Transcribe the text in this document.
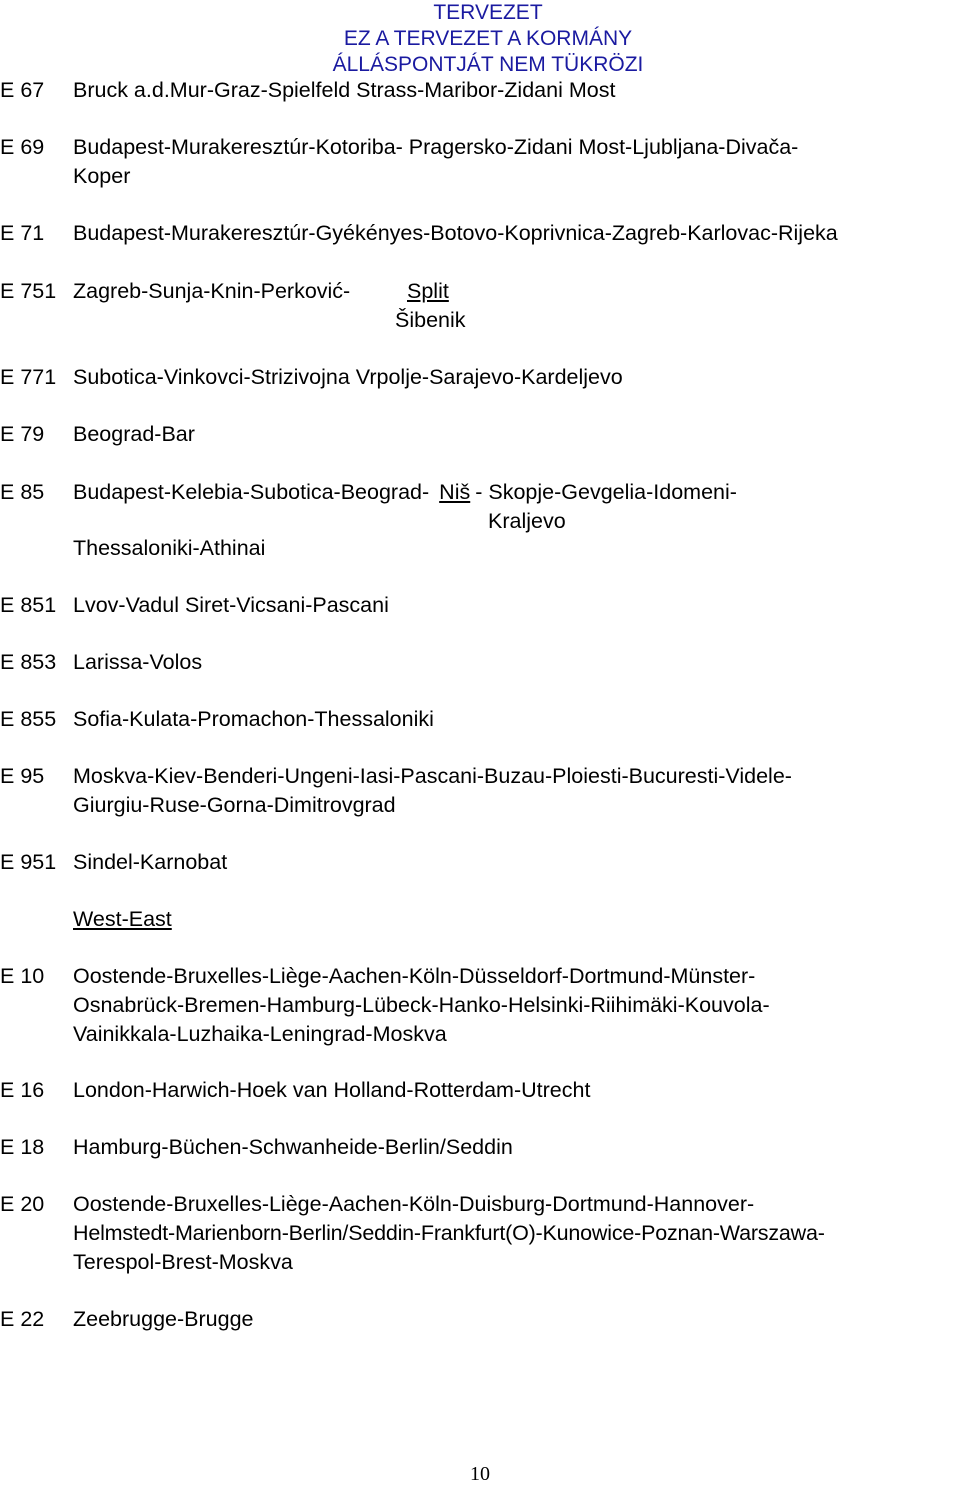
TERVEZET
EZ A TERVEZET A KORMÁNY
ÁLLÁSPONTJÁT NEM TÜKRÖZI
E 67 Bruck a.d.Mur-Graz-Spielfeld Strass-Maribor-Zidani Most
E 69 Budapest-Murakeresztúr-Kotoriba- Pragersko-Zidani Most-Ljubljana-Divača-
Koper
E 71 Budapest-Murakeresztúr-Gyékényes-Botovo-Koprivnica-Zagreb-Karlovac-Rijeka
E 751 Zagreb-Sunja-Knin-Perković-	Split
Šibenik
E 771 Subotica-Vinkovci-Strizivojna Vrpolje-Sarajevo-Kardeljevo
E 79 Beograd-Bar
E 85 Budapest-Kelebia-Subotica-Beograd- Niš - Skopje-Gevgelia-Idomeni-
Kraljevo
Thessaloniki-Athinai
E 851 Lvov-Vadul Siret-Vicsani-Pascani
E 853 Larissa-Volos
E 855 Sofia-Kulata-Promachon-Thessaloniki
E 95 Moskva-Kiev-Benderi-Ungeni-Iasi-Pascani-Buzau-Ploiesti-Bucuresti-Videle-
Giurgiu-Ruse-Gorna-Dimitrovgrad
E 951 Sindel-Karnobat
West-East
E 10 Oostende-Bruxelles-Liège-Aachen-Köln-Düsseldorf-Dortmund-Münster-
Osnabrück-Bremen-Hamburg-Lübeck-Hanko-Helsinki-Riihimäki-Kouvola-
Vainikkala-Luzhaika-Leningrad-Moskva
E 16 London-Harwich-Hoek van Holland-Rotterdam-Utrecht
E 18 Hamburg-Büchen-Schwanheide-Berlin/Seddin
E 20 Oostende-Bruxelles-Liège-Aachen-Köln-Duisburg-Dortmund-Hannover-
Helmstedt-Marienborn-Berlin/Seddin-Frankfurt(O)-Kunowice-Poznan-Warszawa-
Terespol-Brest-Moskva
E 22 Zeebrugge-Brugge
10
